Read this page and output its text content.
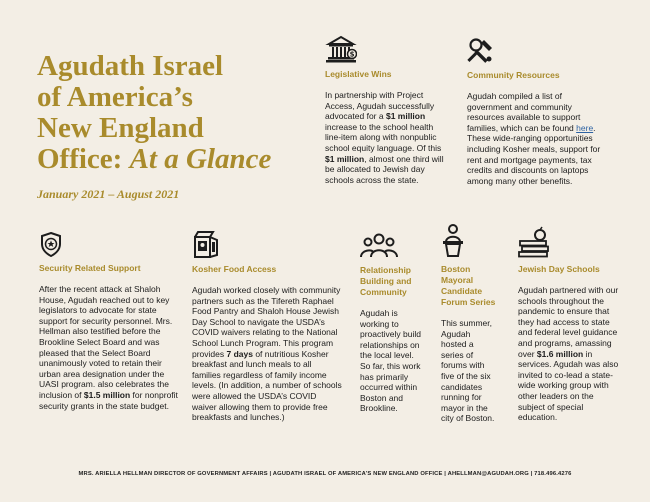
Agudath Israel
of America’s
New England
Office: At a Glance
January 2021 – August 2021
$
Legislative Wins
In partnership with Project Access, Agudah successfully advocated for a $1 million increase to the school health line-item along with nonpublic school equity language. Of this $1 million, almost one third will be allocated to Jewish day schools across the state.
Community Resources
Agudah compiled a list of government and community resources available to support families, which can be found here. These wide-ranging opportunities including Kosher meals, support for rent and mortgage payments, tax credits and discounts on laptops among many other benefits.
Security Related Support
After the recent attack at Shaloh House, Agudah reached out to key legislators to advocate for state support for security personnel. Mrs. Hellman also testified before the Brookline Select Board and was pleased that the Select Board unanimously voted to retain their urban area designation under the UASI program. also celebrates the inclusion of $1.5 million for nonprofit security grants in the state budget.
Kosher Food Access
Agudah worked closely with community partners such as the Tifereth Raphael Food Pantry and Shaloh House Jewish Day School to navigate the USDA’s COVID waivers relating to the National School Lunch Program. This program provides 7 days of nutritious Kosher breakfast and lunch meals to all families regardless of family income levels. (In addition, a number of schools were allowed the USDA’s COVID waiver allowing them to provide free breakfasts and lunches.)
Relationship Building and Community
Agudah is working to proactively build relationships on the local level. So far, this work has primarily occurred within Boston and Brookline.
Boston Mayoral Candidate Forum Series
This summer, Agudah hosted a series of forums with five of the six candidates running for mayor in the city of Boston.
Jewish Day Schools
Agudah partnered with our schools throughout the pandemic to ensure that they had access to state and federal level guidance and programs, amassing over $1.6 million in services. Agudah was also invited to co-lead a state-wide working group with other leaders on the subject of special education.
MRS. ARIELLA HELLMAN DIRECTOR OF GOVERNMENT AFFAIRS | AGUDATH ISRAEL OF AMERICA’S NEW ENGLAND OFFICE | AHELLMAN@AGUDAH.ORG | 718.496.4276
